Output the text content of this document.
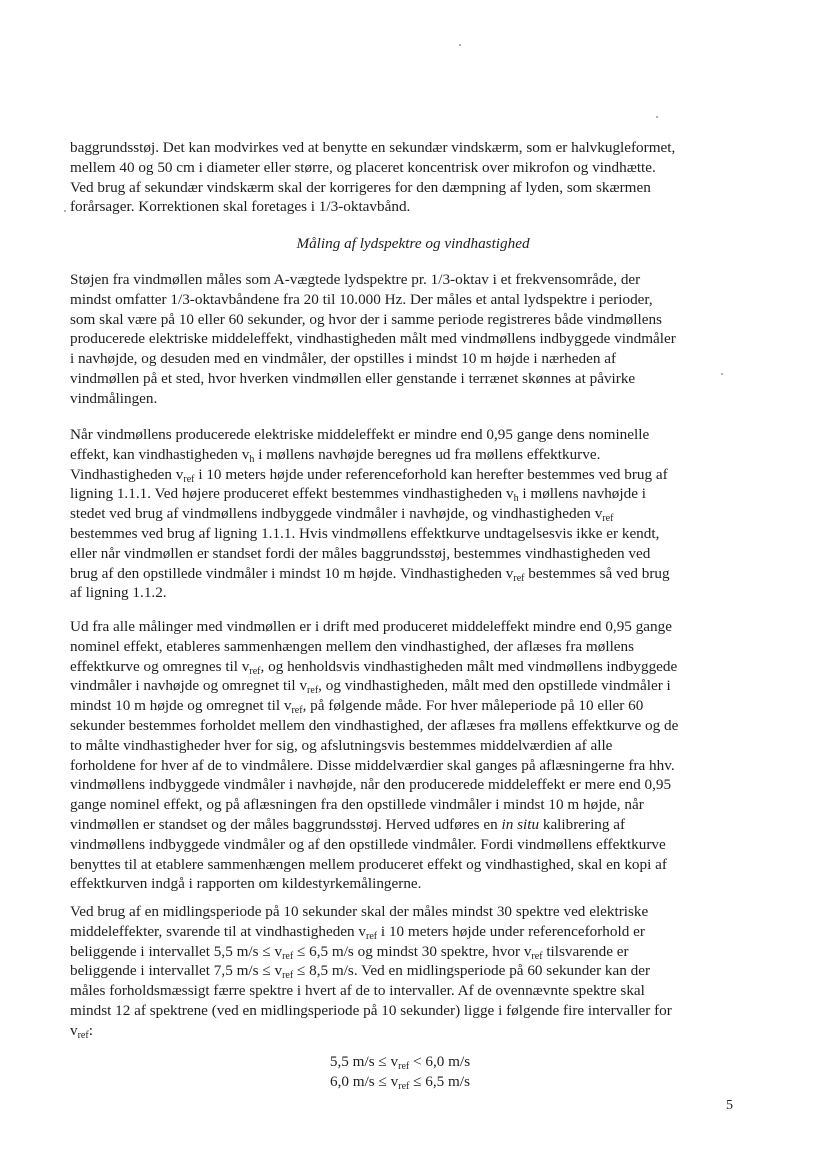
baggrundsstøj. Det kan modvirkes ved at benytte en sekundær vindskærm, som er halvkugleformet,
mellem 40 og 50 cm i diameter eller større, og placeret koncentrisk over mikrofon og vindhætte.
Ved brug af sekundær vindskærm skal der korrigeres for den dæmpning af lyden, som skærmen
forårsager. Korrektionen skal foretages i 1/3-oktavbånd.

Måling af lydspektre og vindhastighed

Støjen fra vindmøllen måles som A-vægtede lydspektre pr. 1/3-oktav i et frekvensområde, der
mindst omfatter 1/3-oktavbåndene fra 20 til 10.000 Hz. Der måles et antal lydspektre i perioder,
som skal være på 10 eller 60 sekunder, og hvor der i samme periode registreres både vindmøllens
producerede elektriske middeleffekt, vindhastigheden målt med vindmøllens indbyggede vindmåler
i navhøjde, og desuden med en vindmåler, der opstilles i mindst 10 m højde i nærheden af
vindmøllen på et sted, hvor hverken vindmøllen eller genstande i terrænet skønnes at påvirke
vindmålingen.
Når vindmøllens producerede elektriske middeleffekt er mindre end 0,95 gange dens nominelle
effekt, kan vindhastigheden $v_h$ i møllens navhøjde beregnes ud fra møllens effektkurve.
Vindhastigheden $v_{ref}$ i 10 meters højde under referenceforhold kan herefter bestemmes ved brug af
ligning 1.1.1. Ved højere produceret effekt bestemmes vindhastigheden $v_h$ i møllens navhøjde i
stedet ved brug af vindmøllens indbyggede vindmåler i navhøjde, og vindhastigheden $v_{ref}$
bestemmes ved brug af ligning 1.1.1. Hvis vindmøllens effektkurve undtagelsesvis ikke er kendt,
eller når vindmøllen er standset fordi der måles baggrundsstøj, bestemmes vindhastigheden ved
brug af den opstillede vindmåler i mindst 10 m højde. Vindhastigheden $v_{ref}$ bestemmes så ved brug
af ligning 1.1.2.
Ud fra alle målinger med vindmøllen er i drift med produceret middeleffekt mindre end 0,95 gange
nominel effekt, etableres sammenhængen mellem den vindhastighed, der aflæses fra møllens
effektkurve og omregnes til $v_{ref}$, og henholdsvis vindhastigheden målt med vindmøllens indbyggede
vindmåler i navhøjde og omregnet til $v_{ref}$, og vindhastigheden, målt med den opstillede vindmåler i
mindst 10 m højde og omregnet til $v_{ref}$, på følgende måde. For hver måleperiode på 10 eller 60
sekunder bestemmes forholdet mellem den vindhastighed, der aflæses fra møllens effektkurve og de
to målte vindhastigheder hver for sig, og afslutningsvis bestemmes middelværdien af alle
forholdene for hver af de to vindmålere. Disse middelværdier skal ganges på aflæsningerne fra hhv.
vindmøllens indbyggede vindmåler i navhøjde, når den producerede middeleffekt er mere end 0,95
gange nominel effekt, og på aflæsningen fra den opstillede vindmåler i mindst 10 m højde, når
vindmøllen er standset og der måles baggrundsstøj. Herved udføres en in situ kalibrering af
vindmøllens indbyggede vindmåler og af den opstillede vindmåler. Fordi vindmøllens effektkurve
benyttes til at etablere sammenhængen mellem produceret effekt og vindhastighed, skal en kopi af
effektkurven indgå i rapporten om kildestyrkemålingerne.
Ved brug af en midlingsperiode på 10 sekunder skal der måles mindst 30 spektre ved elektriske
middeleffekter, svarende til at vindhastigheden $v_{ref}$ i 10 meters højde under referenceforhold er
beliggende i intervallet 5,5 $m/s \le v_{ref} \le 6,5$ m/s og mindst 30 spektre, hvor $v_{ref}$ tilsvarende er
beliggende i intervallet 7,5 $m/s \le v_{ref} \le 8,5$ m/s. Ved en midlingsperiode på 60 sekunder kan der
måles forholdsmæssigt færre spektre i hvert af de to intervaller. Af de ovennævnte spektre skal
mindst 12 af spektrene (ved en midlingsperiode på 10 sekunder) ligge i følgende fire intervaller for
$v_{ref}$:

5,5 $m/s \le v_{ref} < 6,0$ m/s

6,0 $m/s \le v_{ref} \le 6,5$ m/s

5
